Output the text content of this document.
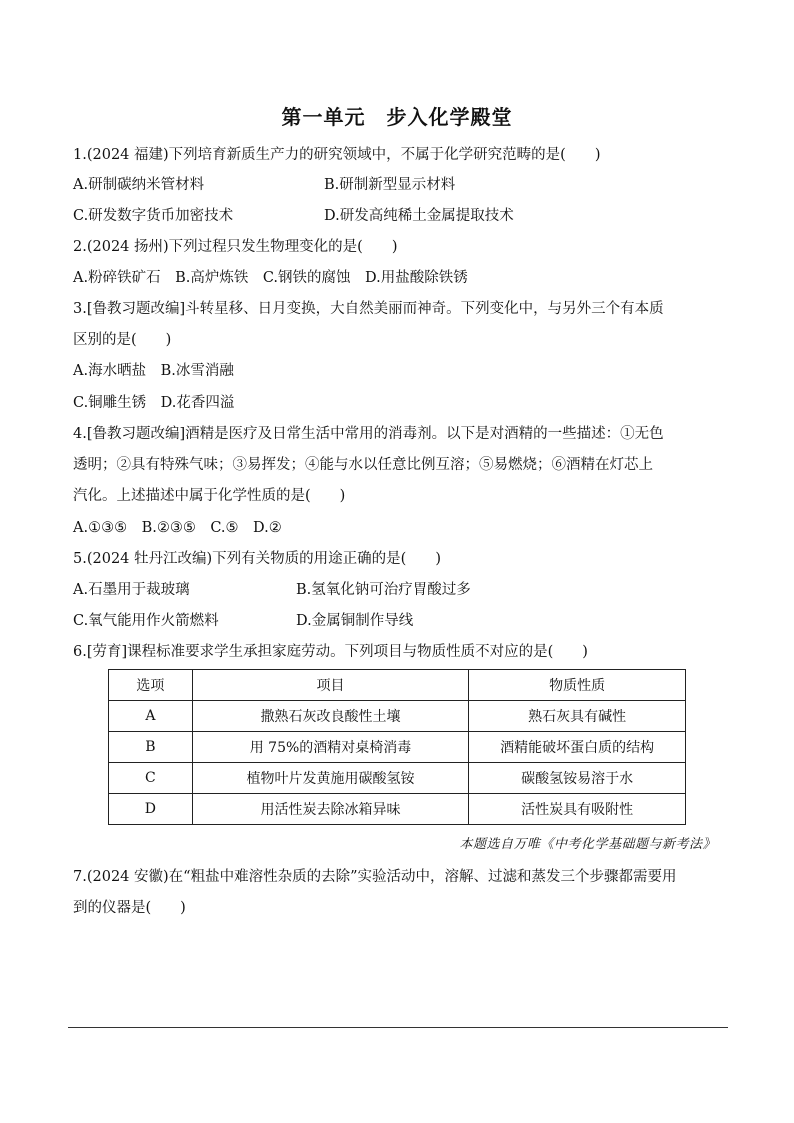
第一单元　步入化学殿堂
1.(2024 福建)下列培育新质生产力的研究领域中，不属于化学研究范畴的是(　　)
A.研制碳纳米管材料	B.研制新型显示材料
C.研发数字货币加密技术	D.研发高纯稀土金属提取技术
2.(2024 扬州)下列过程只发生物理变化的是(　　)
A.粉碎铁矿石　B.高炉炼铁　C.钢铁的腐蚀　D.用盐酸除铁锈
3.[鲁教习题改编]斗转星移、日月变换，大自然美丽而神奇。下列变化中，与另外三个有本质
区别的是(　　)
A.海水晒盐　B.冰雪消融
C.铜雕生锈　D.花香四溢
4.[鲁教习题改编]酒精是医疗及日常生活中常用的消毒剂。以下是对酒精的一些描述：①无色
透明；②具有特殊气味；③易挥发；④能与水以任意比例互溶；⑤易燃烧；⑥酒精在灯芯上
汽化。上述描述中属于化学性质的是(　　)
A.①③⑤　B.②③⑤　C.⑤　D.②
5.(2024 牡丹江改编)下列有关物质的用途正确的是(　　)
A.石墨用于裁玻璃	B.氢氧化钠可治疗胃酸过多
C.氧气能用作火箭燃料	D.金属铜制作导线
6.[劳育]课程标准要求学生承担家庭劳动。下列项目与物质性质不对应的是(　　)
选项	项目	物质性质
A	撒熟石灰改良酸性土壤	熟石灰具有碱性
B	用 75%的酒精对桌椅消毒	酒精能破坏蛋白质的结构
C	植物叶片发黄施用碳酸氢铵	碳酸氢铵易溶于水
D	用活性炭去除冰箱异味	活性炭具有吸附性
本题选自万唯《中考化学基础题与新考法》
7.(2024 安徽)在“粗盐中难溶性杂质的去除”实验活动中，溶解、过滤和蒸发三个步骤都需要用
到的仪器是(　　)
